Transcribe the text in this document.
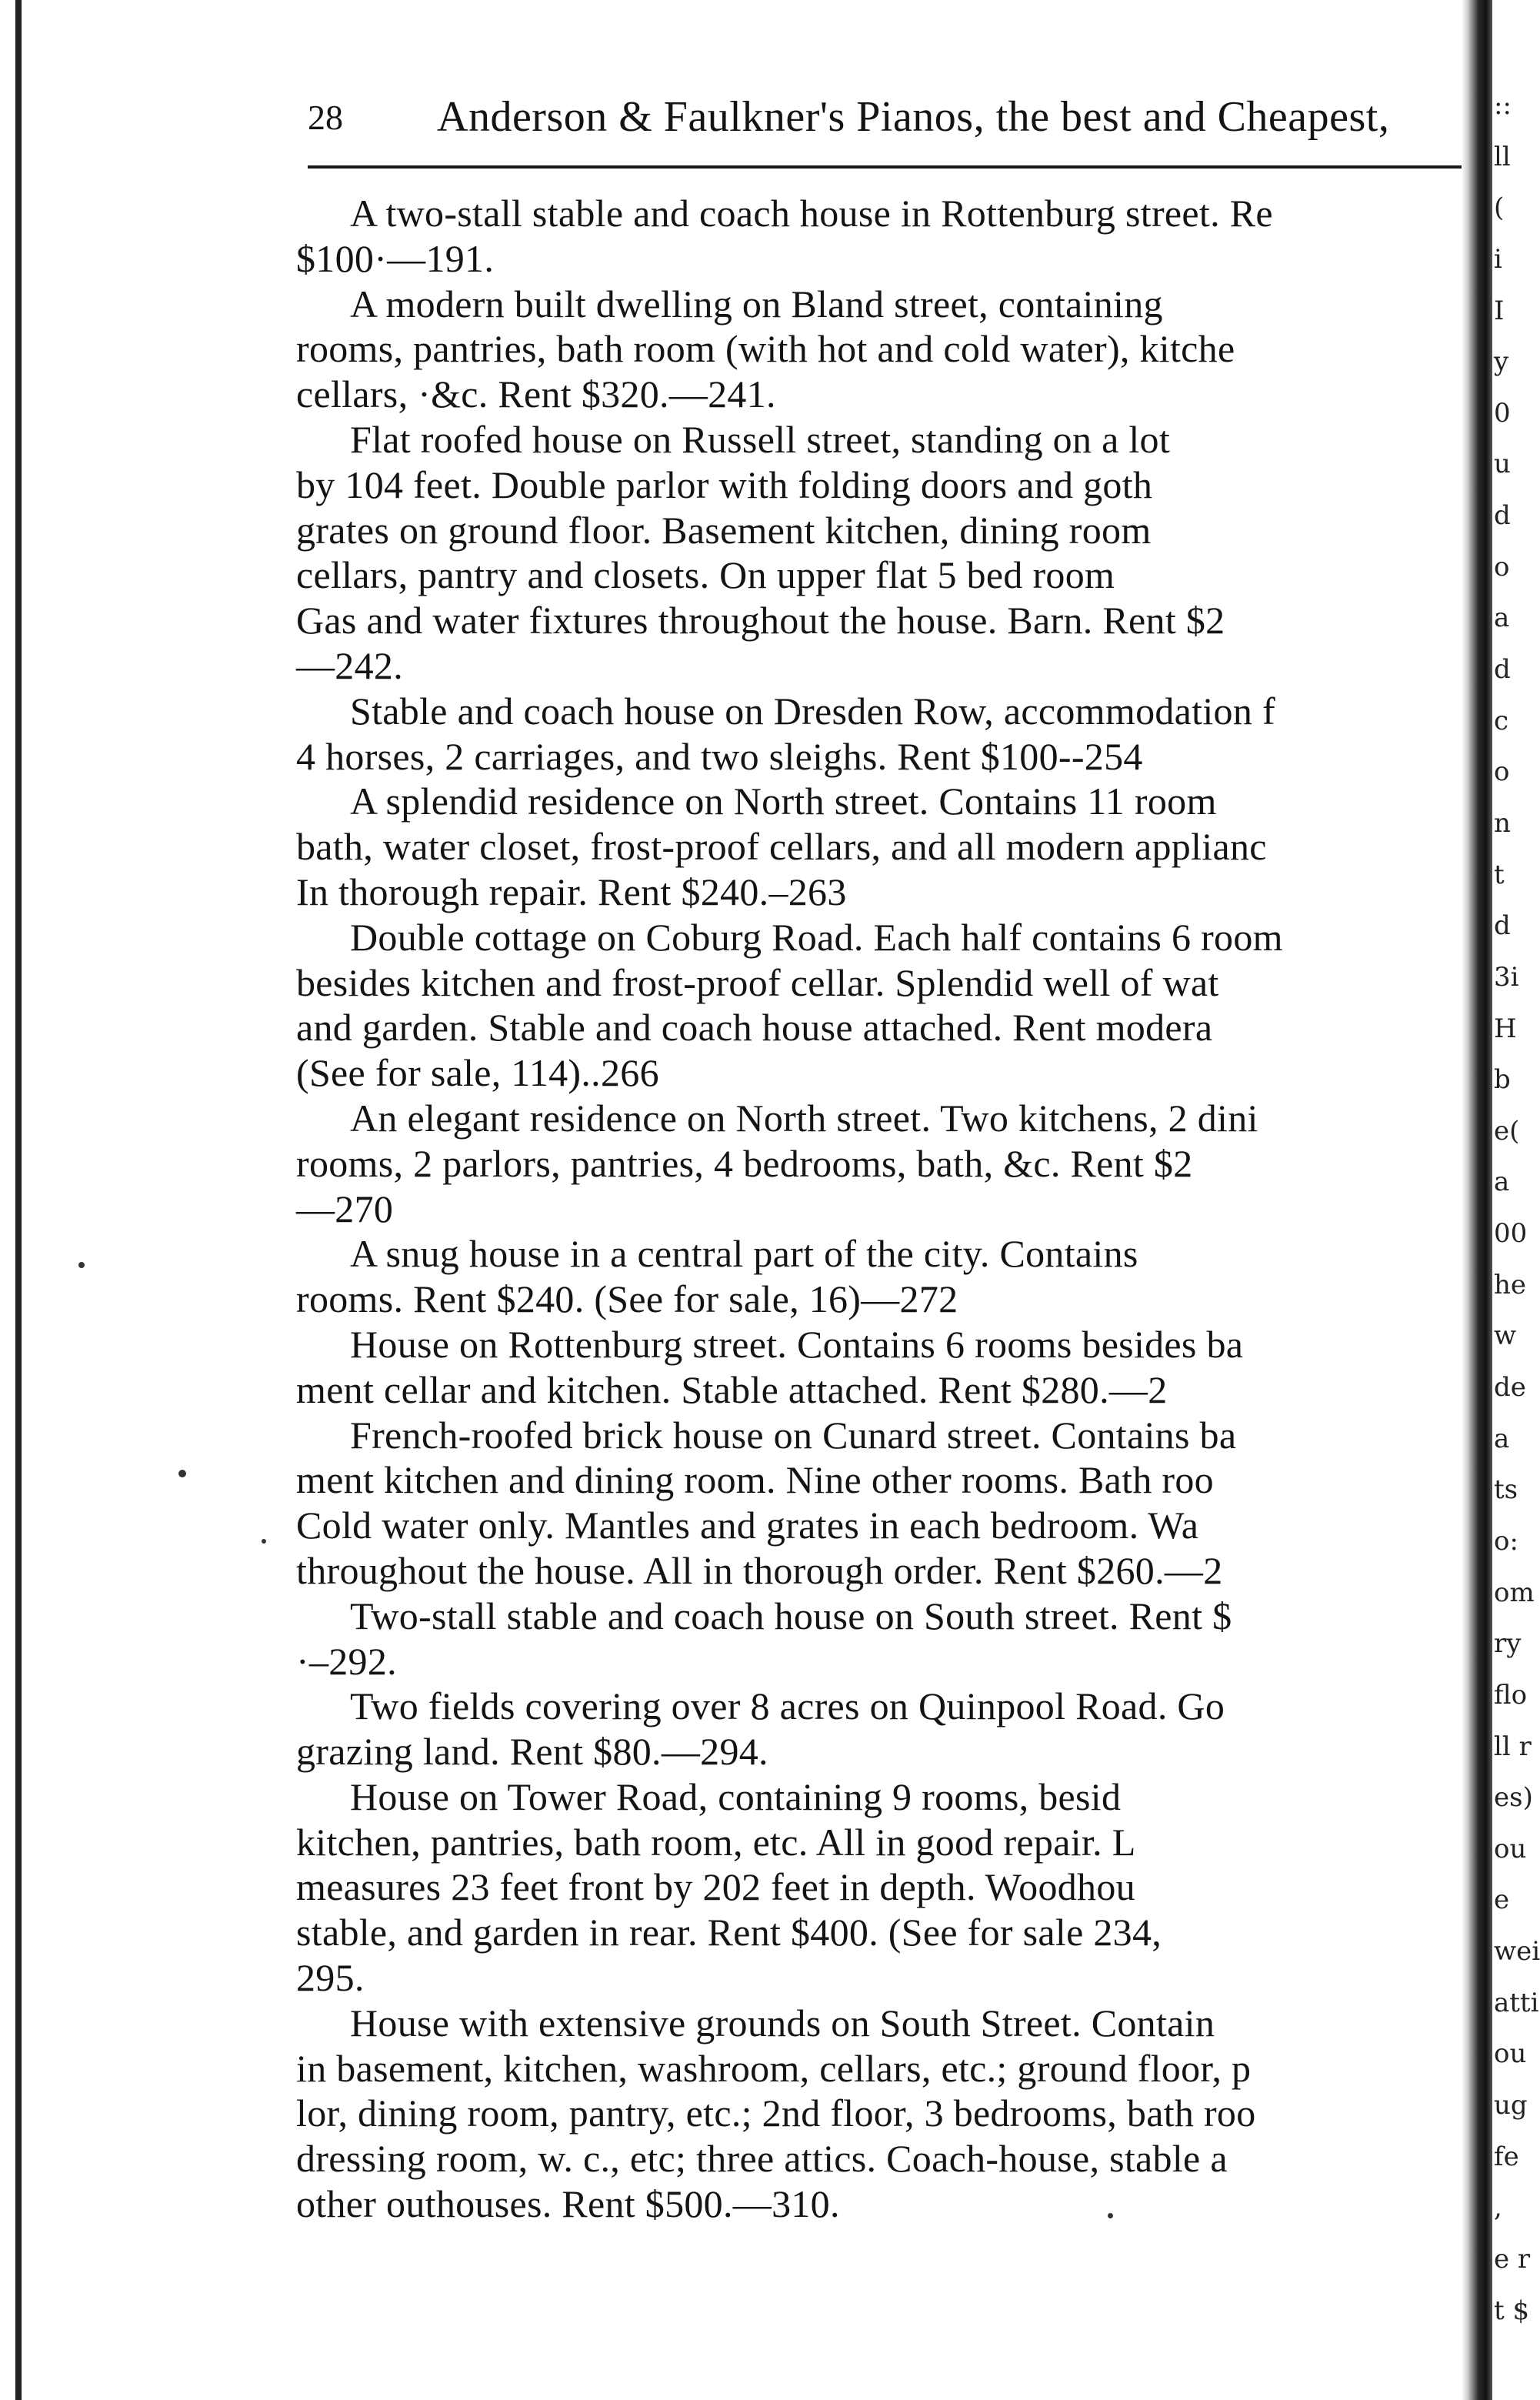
::
ll
(
i
I
y
0
u
d
o
a
d
c
o
n
t
d
3i
H
b
e(
a
00
he
w
de
a
ts
o:
om
ry
flo
ll r
es)
ou
e
wei
atti
ou
ug
fe
,
e r
t $
28 Anderson & Faulkner's Pianos, the best and Cheapest,
A two-stall stable and coach house in Rottenburg street. Re
$100·—191.
A modern built dwelling on Bland street, containing
rooms, pantries, bath room (with hot and cold water), kitche
cellars, ·&c. Rent $320.—241.
Flat roofed house on Russell street, standing on a lot
by 104 feet. Double parlor with folding doors and goth
grates on ground floor. Basement kitchen, dining room
cellars, pantry and closets. On upper flat 5 bed room
Gas and water fixtures throughout the house. Barn. Rent $2
—242.
Stable and coach house on Dresden Row, accommodation f
4 horses, 2 carriages, and two sleighs. Rent $100--254
A splendid residence on North street. Contains 11 room
bath, water closet, frost-proof cellars, and all modern applianc
In thorough repair. Rent $240.–263
Double cottage on Coburg Road. Each half contains 6 room
besides kitchen and frost-proof cellar. Splendid well of wat
and garden. Stable and coach house attached. Rent modera
(See for sale, 114)..266
An elegant residence on North street. Two kitchens, 2 dini
rooms, 2 parlors, pantries, 4 bedrooms, bath, &c. Rent $2
—270
A snug house in a central part of the city. Contains
rooms. Rent $240. (See for sale, 16)—272
House on Rottenburg street. Contains 6 rooms besides ba
ment cellar and kitchen. Stable attached. Rent $280.—2
French-roofed brick house on Cunard street. Contains ba
ment kitchen and dining room. Nine other rooms. Bath roo
Cold water only. Mantles and grates in each bedroom. Wa
throughout the house. All in thorough order. Rent $260.—2
Two-stall stable and coach house on South street. Rent $
·–292.
Two fields covering over 8 acres on Quinpool Road. Go
grazing land. Rent $80.—294.
House on Tower Road, containing 9 rooms, besid
kitchen, pantries, bath room, etc. All in good repair. L
measures 23 feet front by 202 feet in depth. Woodhou
stable, and garden in rear. Rent $400. (See for sale 234,
295.
House with extensive grounds on South Street. Contain
in basement, kitchen, washroom, cellars, etc.; ground floor, p
lor, dining room, pantry, etc.; 2nd floor, 3 bedrooms, bath roo
dressing room, w. c., etc; three attics. Coach-house, stable a
other outhouses. Rent $500.—310.
